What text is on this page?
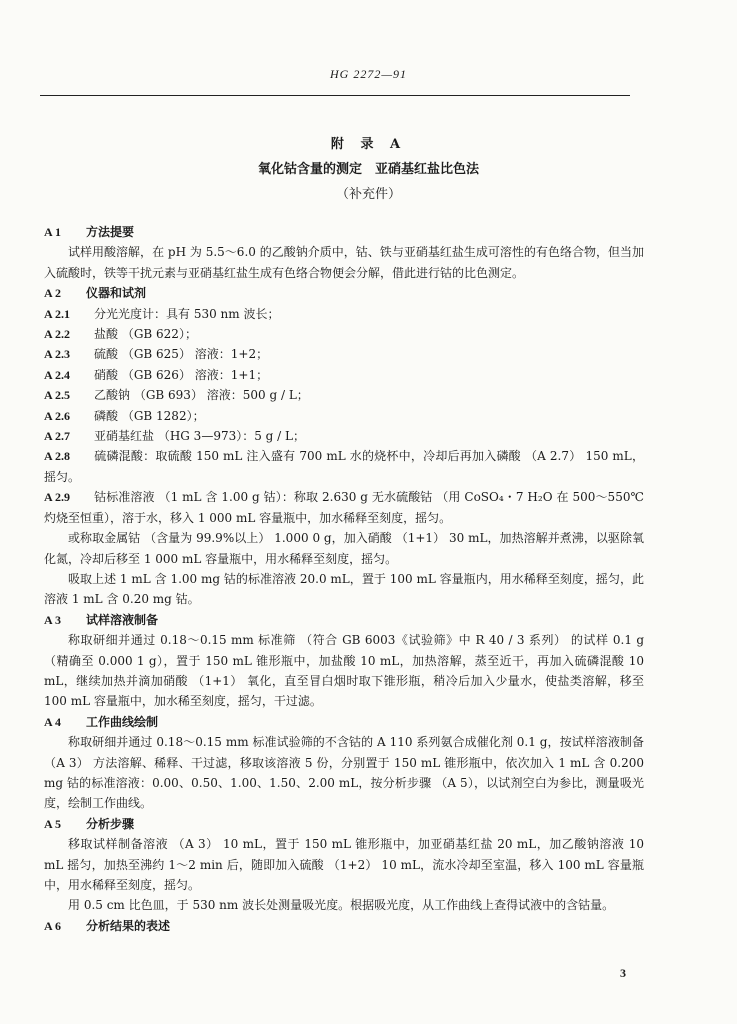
HG 2272—91
附 录 A
氧化钴含量的测定　亚硝基红盐比色法
（补充件）

A 1 方法提要

试样用酸溶解，在 pH 为 5.5～6.0 的乙酸钠介质中，钴、铁与亚硝基红盐生成可溶性的有色络合物，但当加入硫酸时，铁等干扰元素与亚硝基红盐生成有色络合物便会分解，借此进行钴的比色测定。

A 2 仪器和试剂

A 2.1 分光光度计：具有 530 nm 波长；

A 2.2 盐酸 （GB 622）；

A 2.3 硫酸 （GB 625） 溶液：1+2；

A 2.4 硝酸 （GB 626） 溶液：1+1；

A 2.5 乙酸钠 （GB 693） 溶液：500 g / L；

A 2.6 磷酸 （GB 1282）；

A 2.7 亚硝基红盐 （HG 3—973）：5 g / L；

A 2.8 硫磷混酸：取硫酸 150 mL 注入盛有 700 mL 水的烧杯中，冷却后再加入磷酸 （A 2.7） 150 mL，摇匀。

A 2.9 钴标准溶液 （1 mL 含 1.00 g 钴）：称取 2.630 g 无水硫酸钴 （用 CoSO₄・7 H₂O 在 500～550℃灼烧至恒重），溶于水，移入 1 000 mL 容量瓶中，加水稀释至刻度，摇匀。

或称取金属钴 （含量为 99.9%以上） 1.000 0 g，加入硝酸 （1+1） 30 mL，加热溶解并煮沸，以驱除氧化氮，冷却后移至 1 000 mL 容量瓶中，用水稀释至刻度，摇匀。

吸取上述 1 mL 含 1.00 mg 钴的标准溶液 20.0 mL，置于 100 mL 容量瓶内，用水稀释至刻度，摇匀，此溶液 1 mL 含 0.20 mg 钴。

A 3 试样溶液制备

称取研细并通过 0.18～0.15 mm 标准筛 （符合 GB 6003《试验筛》中 R 40 / 3 系列） 的试样 0.1 g （精确至 0.000 1 g），置于 150 mL 锥形瓶中，加盐酸 10 mL，加热溶解，蒸至近干，再加入硫磷混酸 10 mL，继续加热并滴加硝酸 （1+1） 氧化，直至冒白烟时取下锥形瓶，稍冷后加入少量水，使盐类溶解，移至 100 mL 容量瓶中，加水稀至刻度，摇匀，干过滤。

A 4 工作曲线绘制

称取研细并通过 0.18～0.15 mm 标准试验筛的不含钴的 A 110 系列氨合成催化剂 0.1 g，按试样溶液制备 （A 3） 方法溶解、稀释、干过滤，移取该溶液 5 份，分别置于 150 mL 锥形瓶中，依次加入 1 mL 含 0.200 mg 钴的标准溶液：0.00、0.50、1.00、1.50、2.00 mL，按分析步骤 （A 5），以试剂空白为参比，测量吸光度，绘制工作曲线。

A 5 分析步骤

移取试样制备溶液 （A 3） 10 mL，置于 150 mL 锥形瓶中，加亚硝基红盐 20 mL，加乙酸钠溶液 10 mL 摇匀，加热至沸约 1～2 min 后，随即加入硫酸 （1+2） 10 mL，流水冷却至室温，移入 100 mL 容量瓶中，用水稀释至刻度，摇匀。

用 0.5 cm 比色皿，于 530 nm 波长处测量吸光度。根据吸光度，从工作曲线上查得试液中的含钴量。

A 6 分析结果的表述

3
